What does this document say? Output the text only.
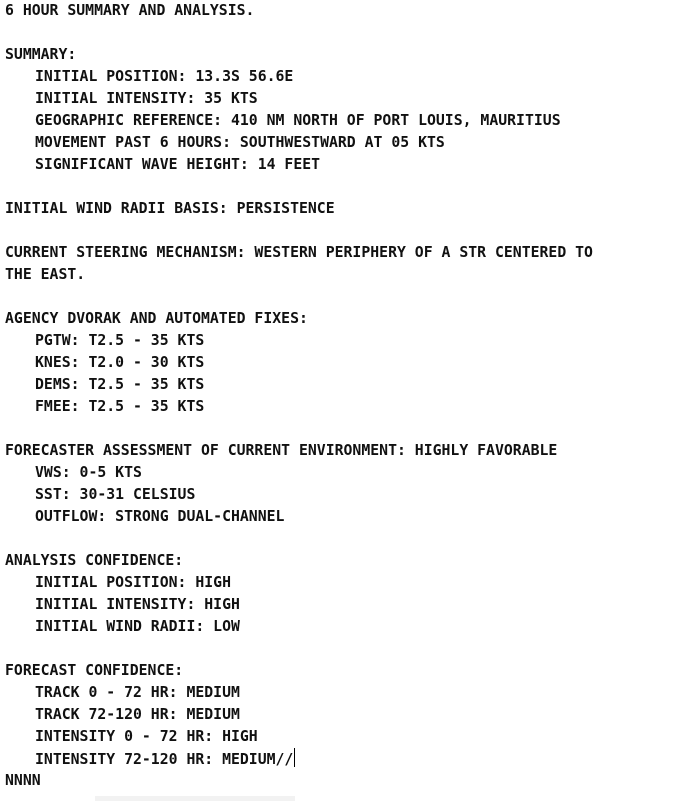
6 HOUR SUMMARY AND ANALYSIS.
SUMMARY:
INITIAL POSITION: 13.3S 56.6E
INITIAL INTENSITY: 35 KTS
GEOGRAPHIC REFERENCE: 410 NM NORTH OF PORT LOUIS, MAURITIUS
MOVEMENT PAST 6 HOURS: SOUTHWESTWARD AT 05 KTS
SIGNIFICANT WAVE HEIGHT: 14 FEET
INITIAL WIND RADII BASIS: PERSISTENCE
CURRENT STEERING MECHANISM: WESTERN PERIPHERY OF A STR CENTERED TO
THE EAST.
AGENCY DVORAK AND AUTOMATED FIXES:
PGTW: T2.5 - 35 KTS
KNES: T2.0 - 30 KTS
DEMS: T2.5 - 35 KTS
FMEE: T2.5 - 35 KTS
FORECASTER ASSESSMENT OF CURRENT ENVIRONMENT: HIGHLY FAVORABLE
VWS: 0-5 KTS
SST: 30-31 CELSIUS
OUTFLOW: STRONG DUAL-CHANNEL
ANALYSIS CONFIDENCE:
INITIAL POSITION: HIGH
INITIAL INTENSITY: HIGH
INITIAL WIND RADII: LOW
FORECAST CONFIDENCE:
TRACK 0 - 72 HR: MEDIUM
TRACK 72-120 HR: MEDIUM
INTENSITY 0 - 72 HR: HIGH
INTENSITY 72-120 HR: MEDIUM//
NNNN
